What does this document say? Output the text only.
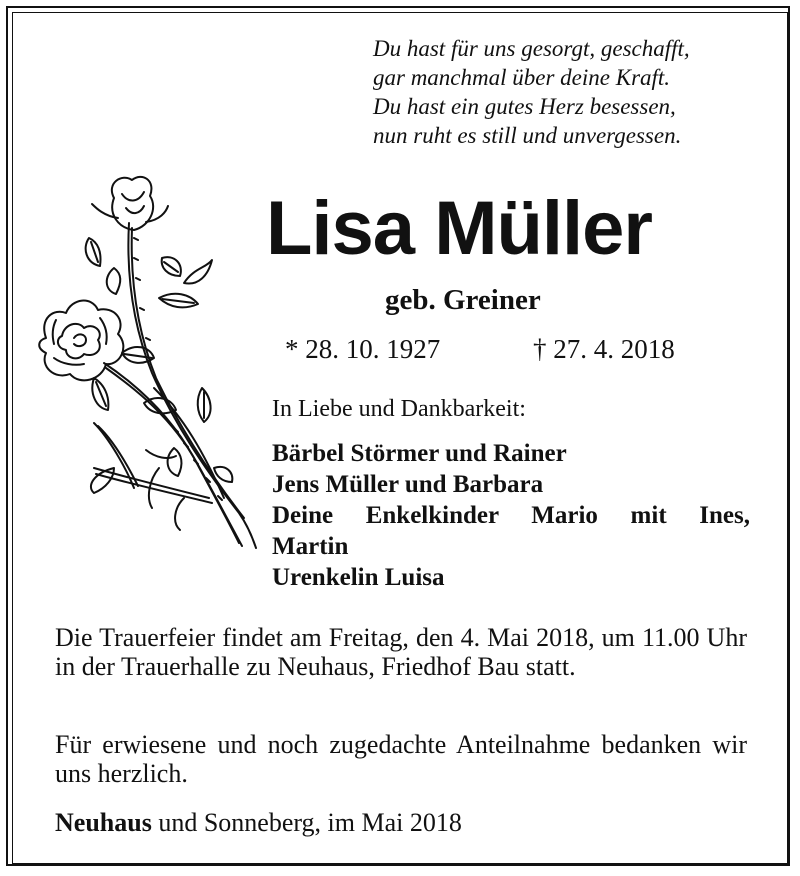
Du hast für uns gesorgt, geschafft,
gar manchmal über deine Kraft.
Du hast ein gutes Herz besessen,
nun ruht es still und unvergessen.
Lisa Müller
geb. Greiner
* 28. 10. 1927	† 27. 4. 2018
In Liebe und Dankbarkeit:
Bärbel Störmer und Rainer
Jens Müller und Barbara
Deine Enkelkinder Mario mit Ines,
Martin
Urenkelin Luisa
Die Trauerfeier findet am Freitag, den 4. Mai 2018, um 11.00 Uhr in der Trauerhalle zu Neuhaus, Friedhof Bau statt.
Für erwiesene und noch zugedachte Anteilnahme bedanken wir uns herzlich.
Neuhaus und Sonneberg, im Mai 2018
